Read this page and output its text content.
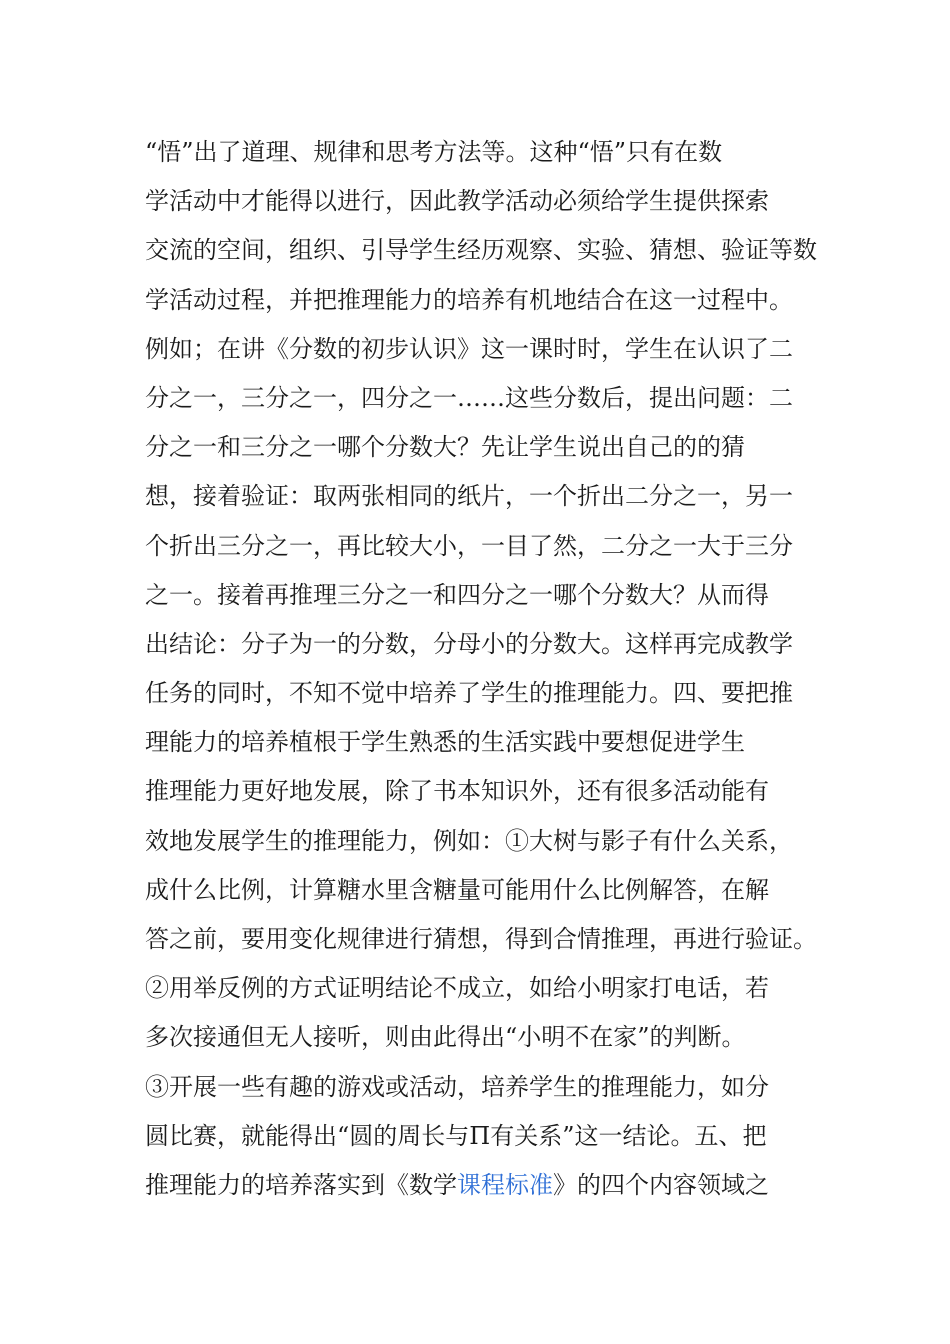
“悟”出了道理、规律和思考方法等。这种“悟”只有在数
学活动中才能得以进行，因此教学活动必须给学生提供探索
交流的空间，组织、引导学生经历观察、实验、猜想、验证等数
学活动过程，并把推理能力的培养有机地结合在这一过程中。
例如；在讲《分数的初步认识》这一课时时，学生在认识了二
分之一，三分之一，四分之一……这些分数后，提出问题：二
分之一和三分之一哪个分数大？先让学生说出自己的的猜
想，接着验证：取两张相同的纸片，一个折出二分之一，另一
个折出三分之一，再比较大小，一目了然，二分之一大于三分
之一。接着再推理三分之一和四分之一哪个分数大？从而得
出结论：分子为一的分数，分母小的分数大。这样再完成教学
任务的同时，不知不觉中培养了学生的推理能力。四、要把推
理能力的培养植根于学生熟悉的生活实践中要想促进学生
推理能力更好地发展，除了书本知识外，还有很多活动能有
效地发展学生的推理能力，例如：①大树与影子有什么关系，
成什么比例，计算糖水里含糖量可能用什么比例解答，在解
答之前，要用变化规律进行猜想，得到合情推理，再进行验证。
②用举反例的方式证明结论不成立，如给小明家打电话，若
多次接通但无人接听，则由此得出“小明不在家”的判断。
③开展一些有趣的游戏或活动，培养学生的推理能力，如分
圆比赛，就能得出“圆的周长与Π有关系”这一结论。五、把
推理能力的培养落实到《数学课程标准》的四个内容领域之
